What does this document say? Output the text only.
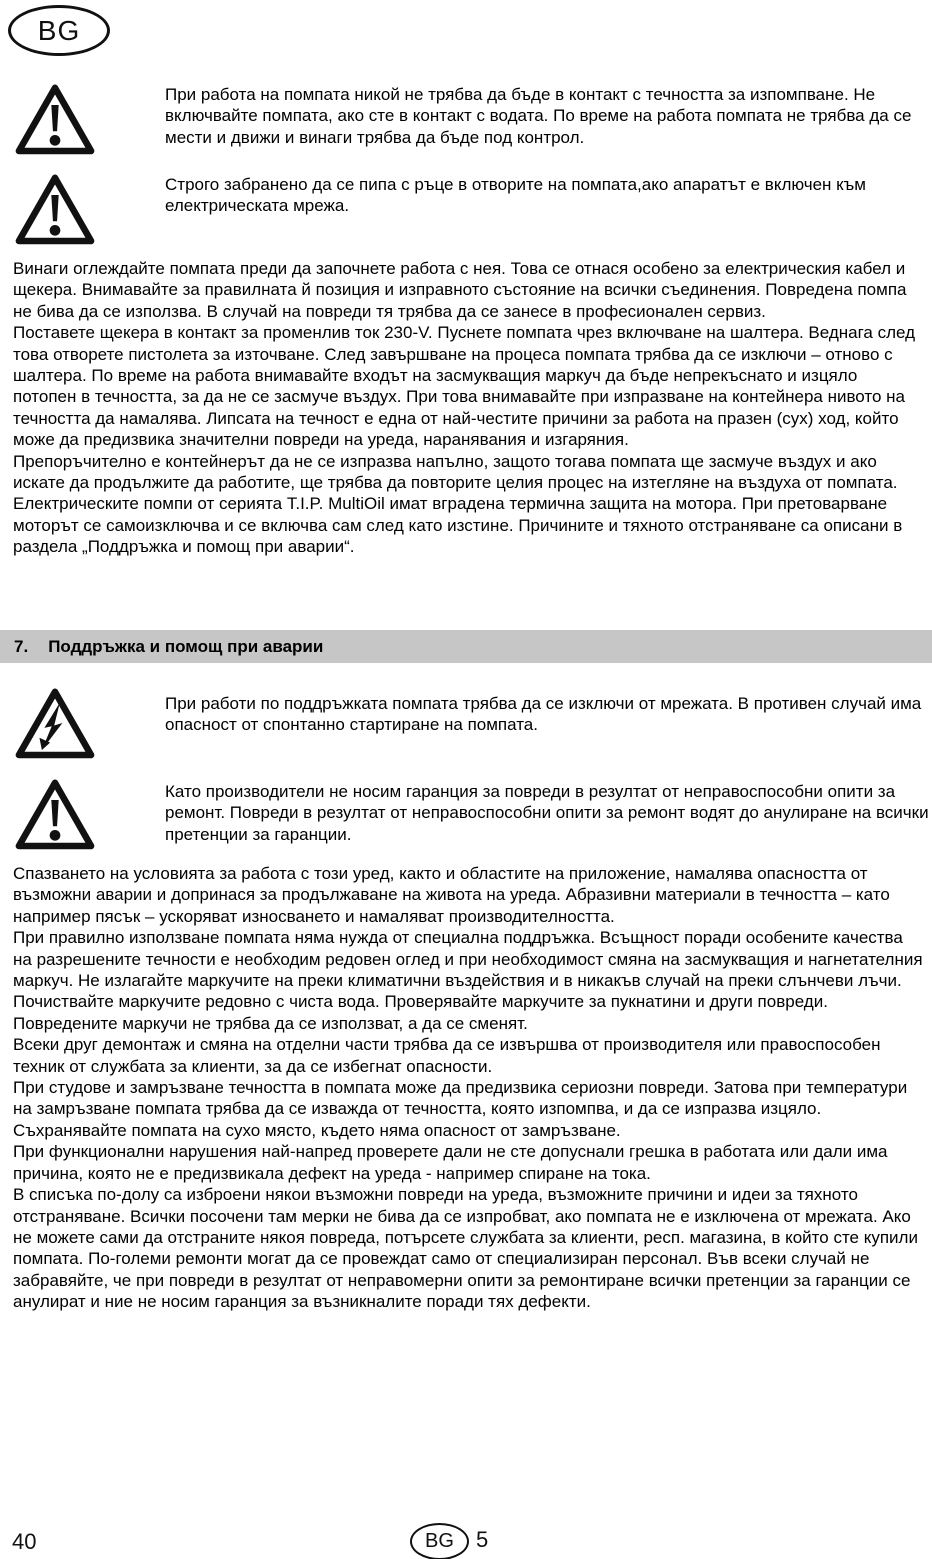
BG
При работа на помпата никой не трябва да бъде в контакт с течността за изпомпване. Не включвайте помпата, ако сте в контакт с водата. По време на работа помпата не трябва да се мести и движи и винаги трябва да бъде под контрол.
Строго забранено да се пипа с ръце в отворите на помпата,ако апаратът е включен към електрическата мрежа.

Винаги оглеждайте помпата преди да започнете работа с нея. Това се отнася особено за електрическия кабел и щекера. Внимавайте за правилната й позиция и изправното състояние на всички съединения. Повредена помпа не бива да се използва. В случай на повреди тя трябва да се занесе в професионален сервиз.

Поставете щекера в контакт за променлив ток 230-V. Пуснете помпата чрез включване на шалтера. Веднага след това отворете пистолета за източване. След завършване на процеса помпата трябва да се изключи – отново с шалтера. По време на работа внимавайте входът на засмукващия маркуч да бъде непрекъснато и изцяло потопен в течността, за да не се засмуче въздух. При това внимавайте при изпразване на контейнера нивото на течността да намалява. Липсата на течност е една от най-честите причини за работа на празен (сух) ход, който може да предизвика значителни повреди на уреда, наранявания и изгаряния.

Препоръчително е контейнерът да не се изпразва напълно, защото тогава помпата ще засмуче въздух и ако искате да продължите да работите, ще трябва да повторите целия процес на изтегляне на въздуха от помпата.

Електрическите помпи от серията T.I.P. MultiOil имат вградена термична защита на мотора. При претоварване моторът се самоизключва и се включва сам след като изстине. Причините и тяхното отстраняване са описани в раздела „Поддръжка и помощ при аварии“.

7. Поддръжка и помощ при аварии
При работи по поддръжката помпата трябва да се изключи от мрежата. В противен случай има опасност от спонтанно стартиране на помпата.
Като производители не носим гаранция за повреди в резултат от неправоспособни опити за ремонт. Повреди в резултат от неправоспособни опити за ремонт водят до анулиране на всички претенции за гаранции.

Спазването на условията за работа с този уред, както и областите на приложение, намалява опасността от възможни аварии и допринася за продължаване на живота на уреда. Абразивни материали в течността – като например пясък – ускоряват износването и намаляват производителността.

При правилно използване помпата няма нужда от специална поддръжка. Всъщност поради особените качества на разрешените течности е необходим редовен оглед и при необходимост смяна на засмукващия и нагнетателния маркуч. Не излагайте маркучите на преки климатични въздействия и в никакъв случай на преки слънчеви лъчи. Почиствайте маркучите редовно с чиста вода. Проверявайте маркучите за пукнатини и други повреди. Повредените маркучи не трябва да се използват, а да се сменят.

Всеки друг демонтаж и смяна на отделни части трябва да се извършва от производителя или правоспособен техник от службата за клиенти, за да се избегнат опасности.

При студове и замръзване течността в помпата може да предизвика сериозни повреди. Затова при температури на замръзване помпата трябва да се изважда от течността, която изпомпва, и да се изпразва изцяло. Съхранявайте помпата на сухо място, където няма опасност от замръзване.

При функционални нарушения най-напред проверете дали не сте допуснали грешка в работата или дали има причина, която не е предизвикала дефект на уреда - например спиране на тока.

В списъка по-долу са изброени някои възможни повреди на уреда, възможните причини и идеи за тяхното отстраняване. Всички посочени там мерки не бива да се изпробват, ако помпата не е изключена от мрежата. Ако не можете сами да отстраните някоя повреда, потърсете службата за клиенти, респ. магазина, в който сте купили помпата. По-големи ремонти могат да се провеждат само от специализиран персонал. Във всеки случай не забравяйте, че при повреди в резултат от неправомерни опити за ремонтиране всички претенции за гаранции се анулират и ние не носим гаранция за възникналите поради тях дефекти.

40	BG 5
